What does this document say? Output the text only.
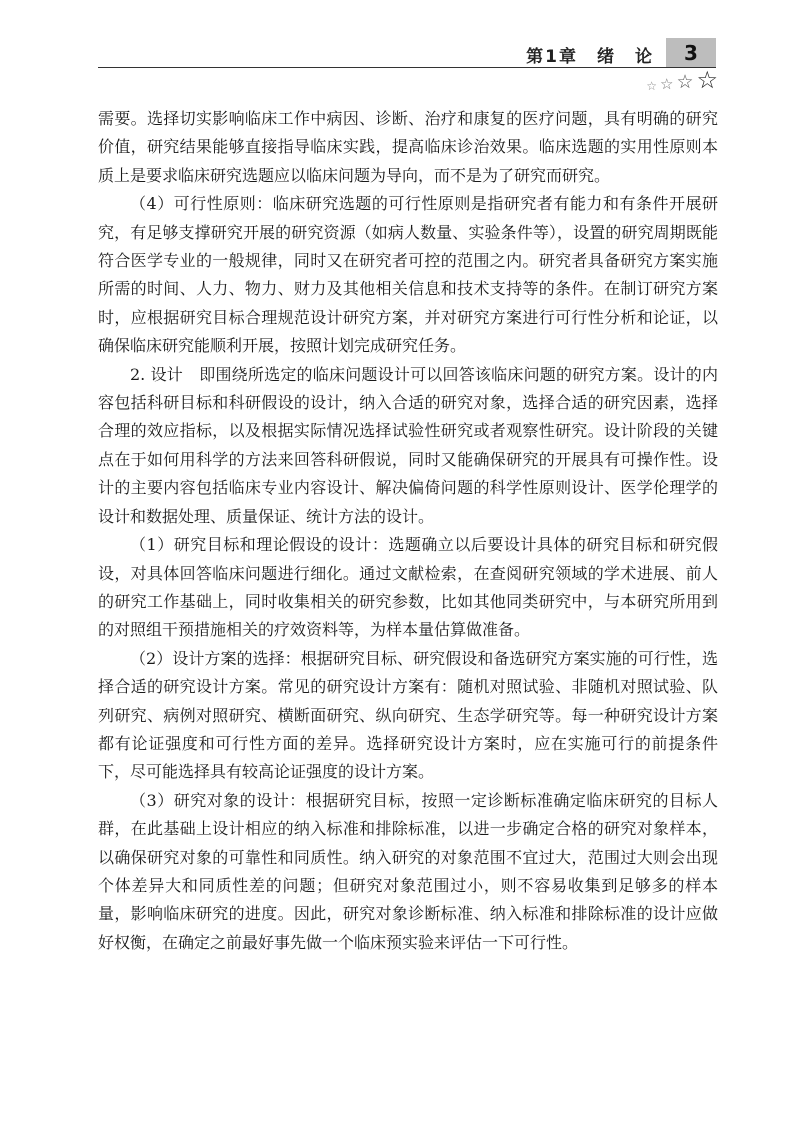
第1章　绪　论	3
☆ ☆ ☆ ☆

需要。选择切实影响临床工作中病因、诊断、治疗和康复的医疗问题，具有明确的研究价值，研究结果能够直接指导临床实践，提高临床诊治效果。临床选题的实用性原则本质上是要求临床研究选题应以临床问题为导向，而不是为了研究而研究。

（4）可行性原则：临床研究选题的可行性原则是指研究者有能力和有条件开展研究，有足够支撑研究开展的研究资源（如病人数量、实验条件等），设置的研究周期既能符合医学专业的一般规律，同时又在研究者可控的范围之内。研究者具备研究方案实施所需的时间、人力、物力、财力及其他相关信息和技术支持等的条件。在制订研究方案时，应根据研究目标合理规范设计研究方案，并对研究方案进行可行性分析和论证，以确保临床研究能顺利开展，按照计划完成研究任务。

2. 设计　即围绕所选定的临床问题设计可以回答该临床问题的研究方案。设计的内容包括科研目标和科研假设的设计，纳入合适的研究对象，选择合适的研究因素，选择合理的效应指标，以及根据实际情况选择试验性研究或者观察性研究。设计阶段的关键点在于如何用科学的方法来回答科研假说，同时又能确保研究的开展具有可操作性。设计的主要内容包括临床专业内容设计、解决偏倚问题的科学性原则设计、医学伦理学的设计和数据处理、质量保证、统计方法的设计。

（1）研究目标和理论假设的设计：选题确立以后要设计具体的研究目标和研究假设，对具体回答临床问题进行细化。通过文献检索，在查阅研究领域的学术进展、前人的研究工作基础上，同时收集相关的研究参数，比如其他同类研究中，与本研究所用到的对照组干预措施相关的疗效资料等，为样本量估算做准备。

（2）设计方案的选择：根据研究目标、研究假设和备选研究方案实施的可行性，选择合适的研究设计方案。常见的研究设计方案有：随机对照试验、非随机对照试验、队列研究、病例对照研究、横断面研究、纵向研究、生态学研究等。每一种研究设计方案都有论证强度和可行性方面的差异。选择研究设计方案时，应在实施可行的前提条件下，尽可能选择具有较高论证强度的设计方案。

（3）研究对象的设计：根据研究目标，按照一定诊断标准确定临床研究的目标人群，在此基础上设计相应的纳入标准和排除标准，以进一步确定合格的研究对象样本，以确保研究对象的可靠性和同质性。纳入研究的对象范围不宜过大，范围过大则会出现个体差异大和同质性差的问题；但研究对象范围过小，则不容易收集到足够多的样本量，影响临床研究的进度。因此，研究对象诊断标准、纳入标准和排除标准的设计应做好权衡，在确定之前最好事先做一个临床预实验来评估一下可行性。
